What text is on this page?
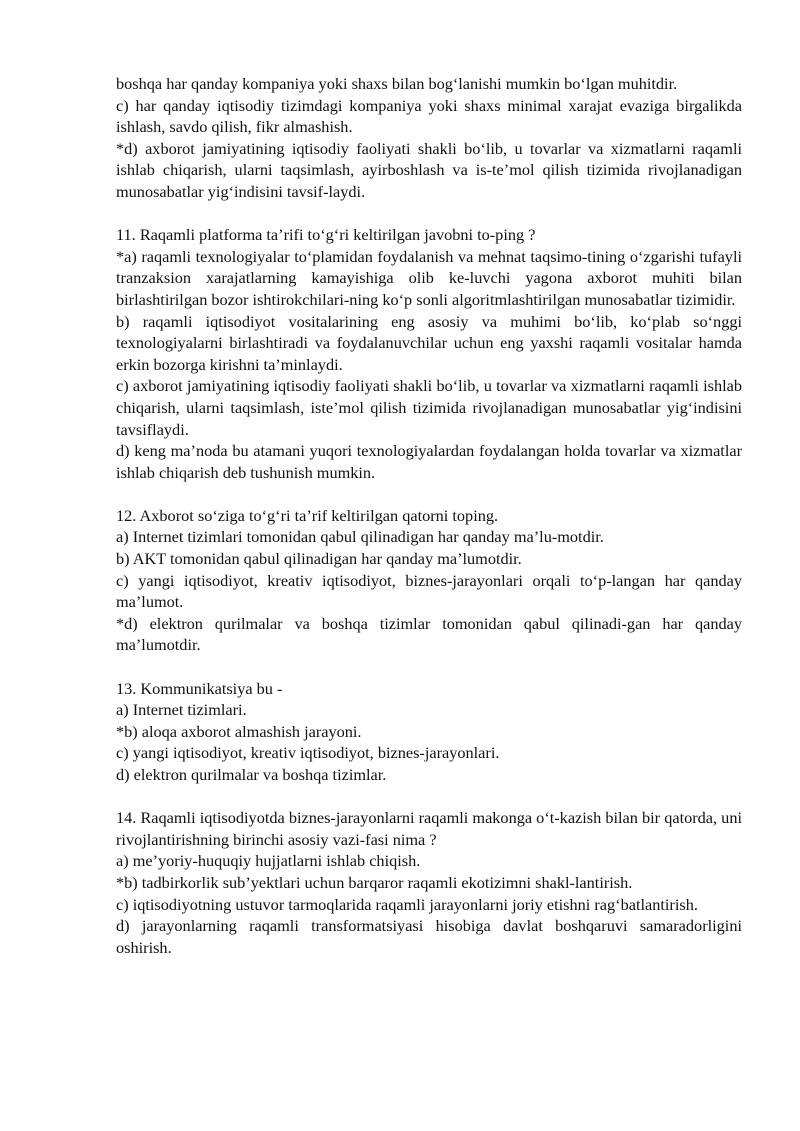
boshqa har qanday kompaniya yoki shaxs bilan bog‘lanishi mumkin bo‘lgan muhitdir.

c) har qanday iqtisodiy tizimdagi kompaniya yoki shaxs minimal xarajat evaziga birgalikda ishlash, savdo qilish, fikr almashish.

*d) axborot jamiyatining iqtisodiy faoliyati shakli bo‘lib, u tovarlar va xizmatlarni raqamli ishlab chiqarish, ularni taqsimlash, ayirboshlash va is-te’mol qilish tizimida rivojlanadigan munosabatlar yig‘indisini tavsif-laydi.

11. Raqamli platforma ta’rifi to‘g‘ri keltirilgan javobni to-ping ?

*a) raqamli texnologiyalar to‘plamidan foydalanish va mehnat taqsimo-tining o‘zgarishi tufayli tranzaksion xarajatlarning kamayishiga olib ke-luvchi yagona axborot muhiti bilan birlashtirilgan bozor ishtirokchilari-ning ko‘p sonli algoritmlashtirilgan munosabatlar tizimidir.

b) raqamli iqtisodiyot vositalarining eng asosiy va muhimi bo‘lib, ko‘plab so‘nggi texnologiyalarni birlashtiradi va foydalanuvchilar uchun eng yaxshi raqamli vositalar hamda erkin bozorga kirishni ta’minlaydi.

c) axborot jamiyatining iqtisodiy faoliyati shakli bo‘lib, u tovarlar va xizmatlarni raqamli ishlab chiqarish, ularni taqsimlash, iste’mol qilish tizimida rivojlanadigan munosabatlar yig‘indisini tavsiflaydi.

d) keng ma’noda bu atamani yuqori texnologiyalardan foydalangan holda tovarlar va xizmatlar ishlab chiqarish deb tushunish mumkin.

12. Axborot so‘ziga to‘g‘ri ta’rif keltirilgan qatorni toping.

a) Internet tizimlari tomonidan qabul qilinadigan har qanday ma’lu-motdir.

b) AKT tomonidan qabul qilinadigan har qanday ma’lumotdir.

c) yangi iqtisodiyot, kreativ iqtisodiyot, biznes-jarayonlari orqali to‘p-langan har qanday ma’lumot.

*d) elektron qurilmalar va boshqa tizimlar tomonidan qabul qilinadi-gan har qanday ma’lumotdir.

13. Kommunikatsiya bu -

a) Internet tizimlari.

*b) aloqa axborot almashish jarayoni.

c) yangi iqtisodiyot, kreativ iqtisodiyot, biznes-jarayonlari.

d) elektron qurilmalar va boshqa tizimlar.

14. Raqamli iqtisodiyotda biznes-jarayonlarni raqamli makonga o‘t-kazish bilan bir qatorda, uni rivojlantirishning birinchi asosiy vazi-fasi nima ?

a) me’yoriy-huquqiy hujjatlarni ishlab chiqish.

*b) tadbirkorlik sub’yektlari uchun barqaror raqamli ekotizimni shakl-lantirish.

c) iqtisodiyotning ustuvor tarmoqlarida raqamli jarayonlarni joriy etishni rag‘batlantirish.

d) jarayonlarning raqamli transformatsiyasi hisobiga davlat boshqaruvi samaradorligini oshirish.
